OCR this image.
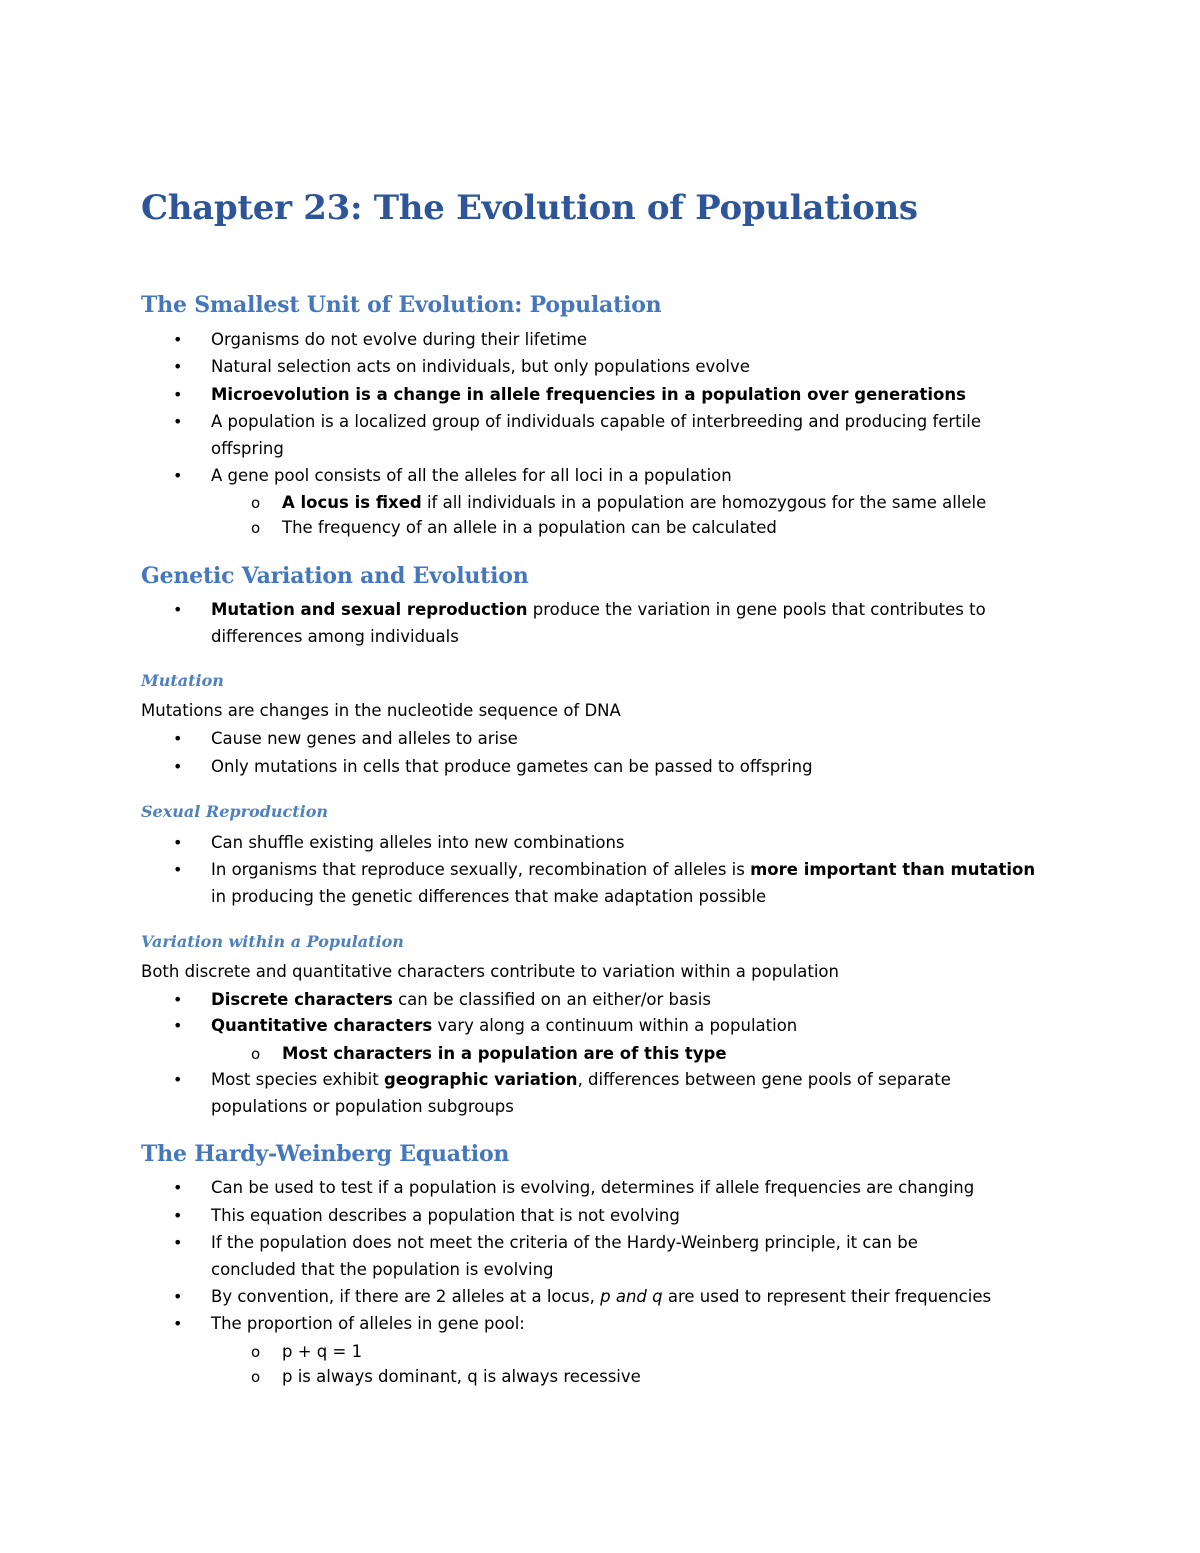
Chapter 23: The Evolution of Populations
The Smallest Unit of Evolution: Population
• Organisms do not evolve during their lifetime
• Natural selection acts on individuals, but only populations evolve
• Microevolution is a change in allele frequencies in a population over generations
• A population is a localized group of individuals capable of interbreeding and producing fertile
offspring
• A gene pool consists of all the alleles for all loci in a population
o A locus is fixed if all individuals in a population are homozygous for the same allele
o The frequency of an allele in a population can be calculated
Genetic Variation and Evolution
• Mutation and sexual reproduction produce the variation in gene pools that contributes to
differences among individuals
Mutation

Mutations are changes in the nucleotide sequence of DNA

• Cause new genes and alleles to arise
• Only mutations in cells that produce gametes can be passed to offspring
Sexual Reproduction
• Can shuffle existing alleles into new combinations
• In organisms that reproduce sexually, recombination of alleles is more important than mutation
in producing the genetic differences that make adaptation possible
Variation within a Population

Both discrete and quantitative characters contribute to variation within a population

• Discrete characters can be classified on an either/or basis
• Quantitative characters vary along a continuum within a population
o Most characters in a population are of this type
• Most species exhibit geographic variation, differences between gene pools of separate
populations or population subgroups
The Hardy-Weinberg Equation
• Can be used to test if a population is evolving, determines if allele frequencies are changing
• This equation describes a population that is not evolving
• If the population does not meet the criteria of the Hardy-Weinberg principle, it can be
concluded that the population is evolving
• By convention, if there are 2 alleles at a locus, p and q are used to represent their frequencies
• The proportion of alleles in gene pool:
o p + q = 1
o p is always dominant, q is always recessive
